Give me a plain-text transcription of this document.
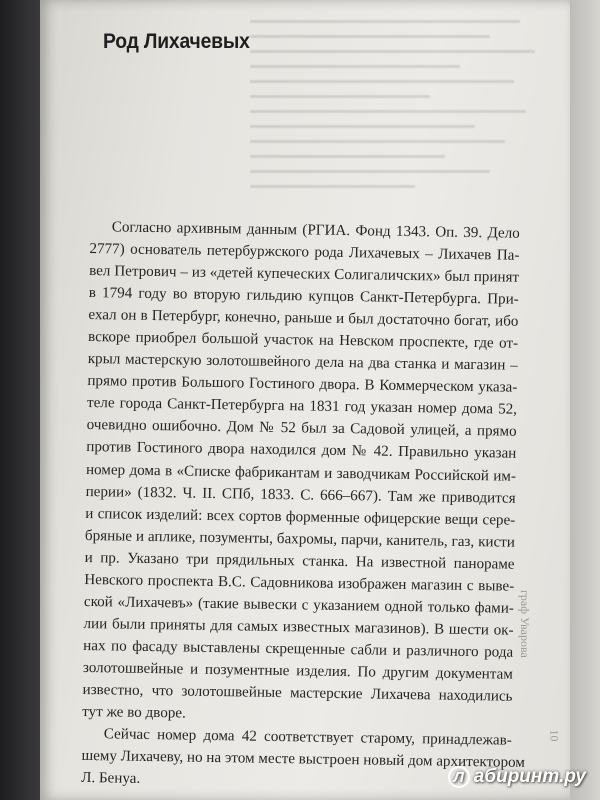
Род Лихачевых

Согласно архивным данным (РГИА. Фонд 1343. Оп. 39. Дело
2777) основатель петербуржского рода Лихачевых – Лихачев Па-
вел Петрович – из «детей купеческих Солигаличских» был принят
в 1794 году во вторую гильдию купцов Санкт-Петербурга. При-
ехал он в Петербург, конечно, раньше и был достаточно богат, ибо
вскоре приобрел большой участок на Невском проспекте, где от-
крыл мастерскую золотошвейного дела на два станка и магазин –
прямо против Большого Гостиного двора. В Коммерческом указа-
теле города Санкт-Петербурга на 1831 год указан номер дома 52,
очевидно ошибочно. Дом № 52 был за Садовой улицей, а прямо
против Гостиного двора находился дом № 42. Правильно указан
номер дома в «Списке фабрикантам и заводчикам Российской им-
перии» (1832. Ч. II. СПб, 1833. С. 666–667). Там же приводится
и список изделий: всех сортов форменные офицерские вещи сере-
бряные и аплике, позументы, бахромы, парчи, канитель, газ, кисти
и пр. Указано три прядильных станка. На известной панораме
Невского проспекта В.С. Садовникова изображен магазин с выве-
ской «Лихачевъ» (такие вывески с указанием одной только фами-
лии были приняты для самых известных магазинов). В шести ок-
нах по фасаду выставлены скрещенные сабли и различного рода
золотошвейные и позументные изделия. По другим документам
известно, что золотошвейные мастерские Лихачева находились
тут же во дворе.

Сейчас номер дома 42 соответствует старому, принадлежав-
шему Лихачеву, но на этом месте выстроен новый дом архитектором
Л. Бенуа.

граф Уварова
10
Л абиринт.ру
